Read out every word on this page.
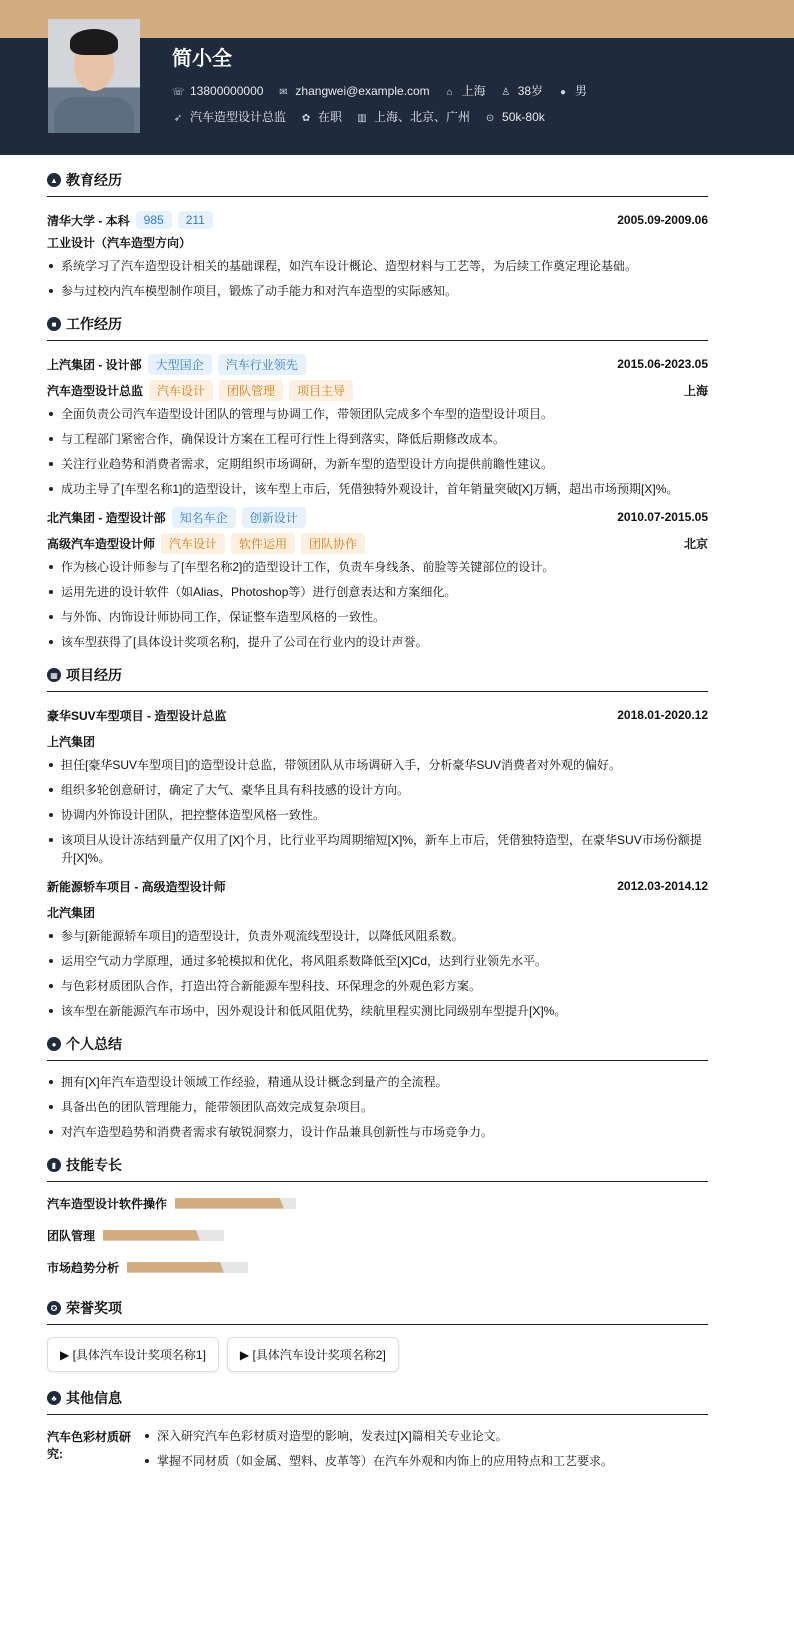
简小全
☏ 13800000000 ✉ zhangwei@example.com ⌂ 上海 ♙ 38岁 ● 男
➶ 汽车造型设计总监 ✿ 在职 ▥ 上海、北京、广州 ⊙ 50k-80k
▲ 教育经历
清华大学 - 本科	985	211	2005.09-2009.06
工业设计（汽车造型方向）
系统学习了汽车造型设计相关的基础课程，如汽车设计概论、造型材料与工艺等，为后续工作奠定理论基础。
参与过校内汽车模型制作项目，锻炼了动手能力和对汽车造型的实际感知。
■ 工作经历
上汽集团 - 设计部	大型国企	汽车行业领先	2015.06-2023.05
汽车造型设计总监	汽车设计	团队管理	项目主导	上海
全面负责公司汽车造型设计团队的管理与协调工作，带领团队完成多个车型的造型设计项目。
与工程部门紧密合作，确保设计方案在工程可行性上得到落实，降低后期修改成本。
关注行业趋势和消费者需求，定期组织市场调研，为新车型的造型设计方向提供前瞻性建议。
成功主导了[车型名称1]的造型设计，该车型上市后，凭借独特外观设计，首年销量突破[X]万辆，超出市场预期[X]%。
北汽集团 - 造型设计部	知名车企	创新设计	2010.07-2015.05
高级汽车造型设计师	汽车设计	软件运用	团队协作	北京
作为核心设计师参与了[车型名称2]的造型设计工作，负责车身线条、前脸等关键部位的设计。
运用先进的设计软件（如Alias、Photoshop等）进行创意表达和方案细化。
与外饰、内饰设计师协同工作，保证整车造型风格的一致性。
该车型获得了[具体设计奖项名称]，提升了公司在行业内的设计声誉。
▦ 项目经历
豪华SUV车型项目 - 造型设计总监	2018.01-2020.12
上汽集团
担任[豪华SUV车型项目]的造型设计总监，带领团队从市场调研入手，分析豪华SUV消费者对外观的偏好。
组织多轮创意研讨，确定了大气、豪华且具有科技感的设计方向。
协调内外饰设计团队，把控整体造型风格一致性。
该项目从设计冻结到量产仅用了[X]个月，比行业平均周期缩短[X]%，新车上市后，凭借独特造型，在豪华SUV市场份额提升[X]%。
新能源轿车项目 - 高级造型设计师	2012.03-2014.12
北汽集团
参与[新能源轿车项目]的造型设计，负责外观流线型设计，以降低风阻系数。
运用空气动力学原理，通过多轮模拟和优化，将风阻系数降低至[X]Cd，达到行业领先水平。
与色彩材质团队合作，打造出符合新能源车型科技、环保理念的外观色彩方案。
该车型在新能源汽车市场中，因外观设计和低风阻优势，续航里程实测比同级别车型提升[X]%。
● 个人总结
拥有[X]年汽车造型设计领域工作经验，精通从设计概念到量产的全流程。
具备出色的团队管理能力，能带领团队高效完成复杂项目。
对汽车造型趋势和消费者需求有敏锐洞察力，设计作品兼具创新性与市场竞争力。
▮ 技能专长
汽车造型设计软件操作
团队管理
市场趋势分析
✪ 荣誉奖项
▶ [具体汽车设计奖项名称1]	▶ [具体汽车设计奖项名称2]
♣ 其他信息
汽车色彩材质研究:
深入研究汽车色彩材质对造型的影响，发表过[X]篇相关专业论文。
掌握不同材质（如金属、塑料、皮革等）在汽车外观和内饰上的应用特点和工艺要求。
